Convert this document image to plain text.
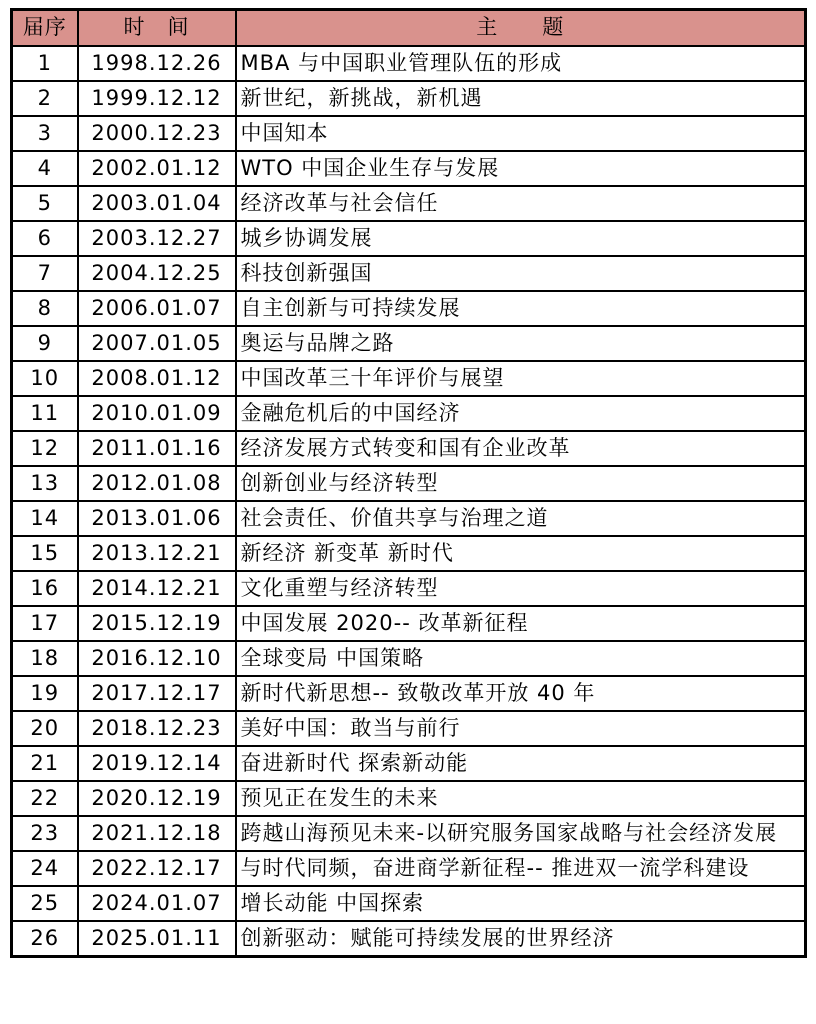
届序	时　间	主　　题
1	1998.12.26	MBA 与中国职业管理队伍的形成
2	1999.12.12	新世纪，新挑战，新机遇
3	2000.12.23	中国知本
4	2002.01.12	WTO 中国企业生存与发展
5	2003.01.04	经济改革与社会信任
6	2003.12.27	城乡协调发展
7	2004.12.25	科技创新强国
8	2006.01.07	自主创新与可持续发展
9	2007.01.05	奥运与品牌之路
10	2008.01.12	中国改革三十年评价与展望
11	2010.01.09	金融危机后的中国经济
12	2011.01.16	经济发展方式转变和国有企业改革
13	2012.01.08	创新创业与经济转型
14	2013.01.06	社会责任、价值共享与治理之道
15	2013.12.21	新经济 新变革 新时代
16	2014.12.21	文化重塑与经济转型
17	2015.12.19	中国发展 2020-- 改革新征程
18	2016.12.10	全球变局 中国策略
19	2017.12.17	新时代新思想-- 致敬改革开放 40 年
20	2018.12.23	美好中国：敢当与前行
21	2019.12.14	奋进新时代 探索新动能
22	2020.12.19	预见正在发生的未来
23	2021.12.18	跨越山海预见未来-以研究服务国家战略与社会经济发展
24	2022.12.17	与时代同频，奋进商学新征程-- 推进双一流学科建设
25	2024.01.07	增长动能 中国探索
26	2025.01.11	创新驱动：赋能可持续发展的世界经济
